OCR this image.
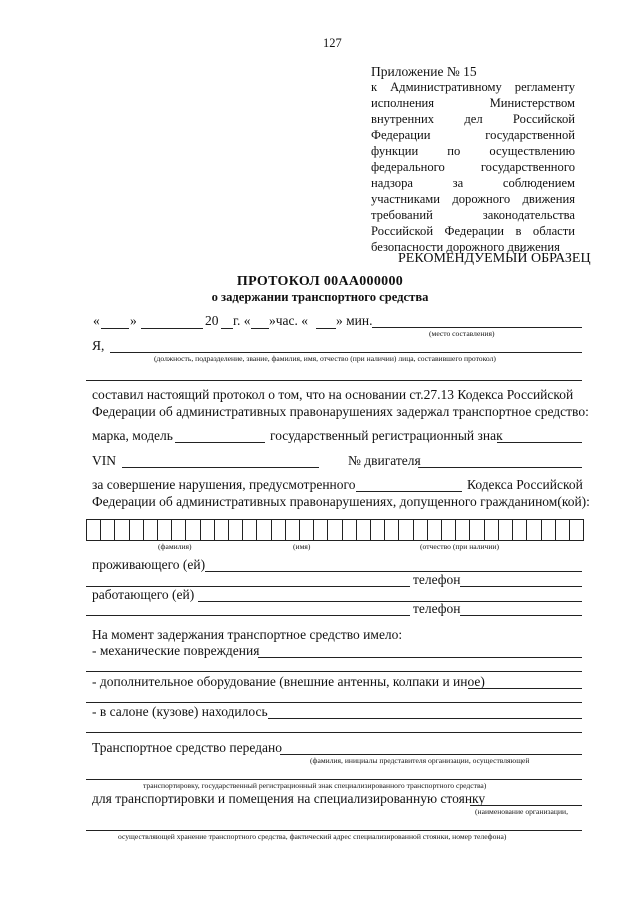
127
Приложение № 15
к Административному регламенту
исполнения Министерством
внутренних дел Российской
Федерации государственной
функции по осуществлению
федерального государственного
надзора за соблюдением
участниками дорожного движения
требований законодательства
Российской Федерации в области
безопасности дорожного движения
РЕКОМЕНДУЕМЫЙ ОБРАЗЕЦ
ПРОТОКОЛ 00АА000000
о задержании транспортного средства
« »	20 г. « »час. « » мин.
(место составления)
Я,
(должность, подразделение, звание, фамилия, имя, отчество (при наличии) лица, составившего протокол)
составил настоящий протокол о том, что на основании ст.27.13 Кодекса Российской
Федерации об административных правонарушениях задержал транспортное средство:
марка, модель	государственный регистрационный знак
VIN	№ двигателя
за совершение нарушения, предусмотренного	Кодекса Российской
Федерации об административных правонарушениях, допущенного гражданином(кой):
(фамилия)	(имя)	(отчество (при наличии)
проживающего (ей)
телефон
работающего (ей)
телефон
На момент задержания транспортное средство имело:
- механические повреждения
- дополнительное оборудование (внешние антенны, колпаки и иное)
- в салоне (кузове) находилось
Транспортное средство передано
(фамилия, инициалы представителя организации, осуществляющей
транспортировку, государственный регистрационный знак специализированного транспортного средства)
для транспортировки и помещения на специализированную стоянку
(наименование организации,
осуществляющей хранение транспортного средства, фактический адрес специализированной стоянки, номер телефона)
